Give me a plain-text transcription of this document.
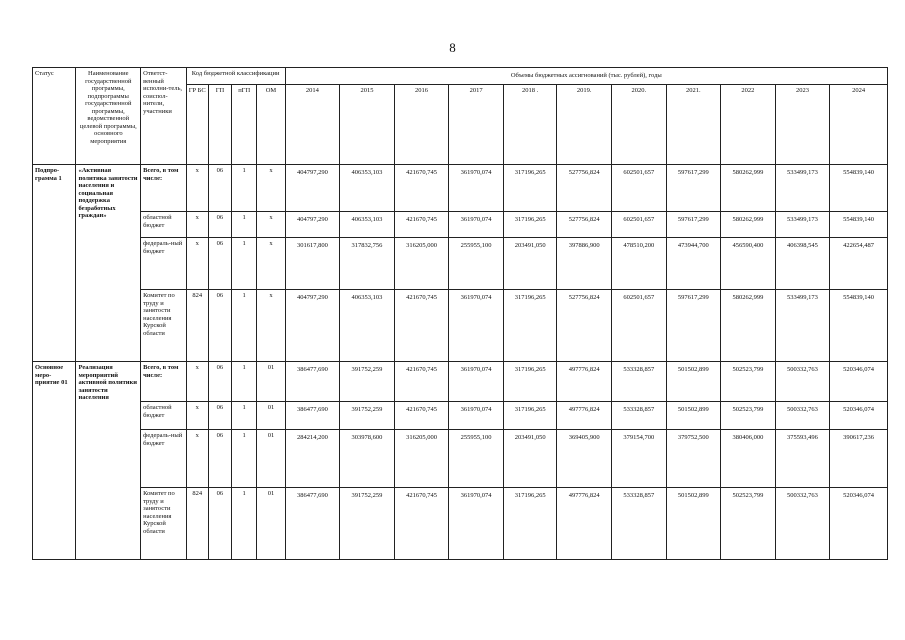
8
Статус	Наименование государственной программы, подпрограммы государственной программы, ведомственной целевой программы, основного мероприятия	Ответст-венный исполни-тель, соиспол-нители, участники	Код бюджетной классификации				Объемы бюджетных ассигнований (тыс. рублей), годы										
			ГР БС	ГП	пГП	ОМ	2014	2015	2016	2017	2018 .	2019.	2020.	2021.	2022	2023	2024
Подпро-грамма 1	«Активная политика занятости населения и социальная поддержка безработных граждан»	Всего, в том числе:	х	06	1	х	404797,290	406353,103	421670,745	361970,074	317196,265	527756,824	602501,657	597617,299	580262,999	533499,173	554839,140
		областной бюджет	х	06	1	х	404797,290	406353,103	421670,745	361970,074	317196,265	527756,824	602501,657	597617,299	580262,999	533499,173	554839,140
		федераль-ный бюджет	х	06	1	х	301617,800	317832,756	316205,000	255955,100	203491,050	397886,900	478510,200	473944,700	456590,400	406398,545	422654,487
		Комитет по труду и занятости населения Курской области	824	06	1	х	404797,290	406353,103	421670,745	361970,074	317196,265	527756,824	602501,657	597617,299	580262,999	533499,173	554839,140
Основное меро-приятие 01	Реализация мероприятий активной политики занятости населения	Всего, в том числе:	х	06	1	01	386477,690	391752,259	421670,745	361970,074	317196,265	497776,824	533328,857	501502,899	502523,799	500332,763	520346,074
		областной бюджет	х	06	1	01	386477,690	391752,259	421670,745	361970,074	317196,265	497776,824	533328,857	501502,899	502523,799	500332,763	520346,074
		федераль-ный бюджет	х	06	1	01	284214,200	303978,600	316205,000	255955,100	203491,050	369405,900	379154,700	379752,500	380406,000	375593,496	390617,236
		Комитет по труду и занятости населения Курской области	824	06	1	01	386477,690	391752,259	421670,745	361970,074	317196,265	497776,824	533328,857	501502,899	502523,799	500332,763	520346,074
